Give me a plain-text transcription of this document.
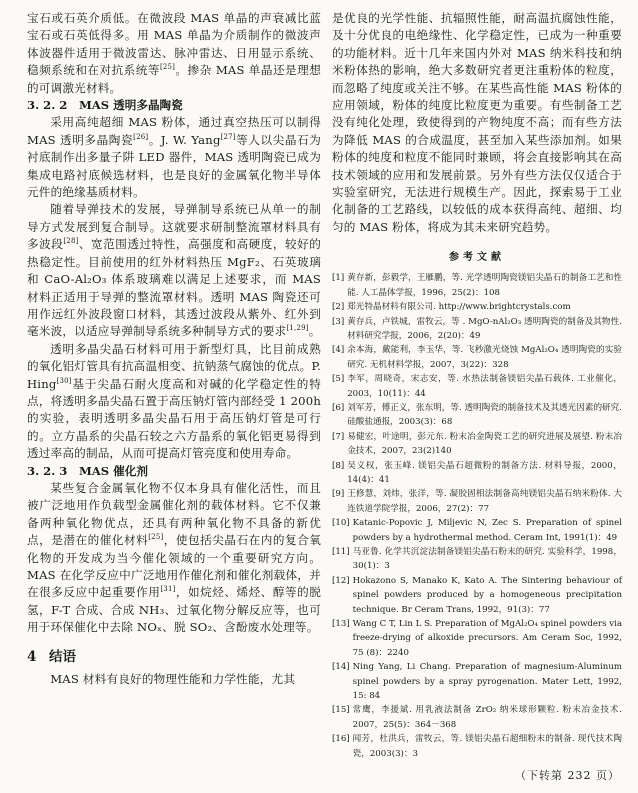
宝石或石英介质低。在微波段 MAS 单晶的声衰减比蓝宝石或石英低得多。用 MAS 单晶为介质制作的微波声体波器件适用于微波雷达、脉冲雷达、日用显示系统、稳频系统和在对抗系统等[25]。掺杂 MAS 单晶还是理想的可调激光材料。

3. 2. 2　MAS 透明多晶陶瓷

采用高纯超细 MAS 粉体，通过真空热压可以制得 MAS 透明多晶陶瓷[26]。J. W. Yang[27]等人以尖晶石为衬底制作出多量子阱 LED 器件，MAS 透明陶瓷已成为集成电路衬底候选材料，也是良好的金属氧化物半导体元件的绝缘基质材料。

随着导弹技术的发展，导弹制导系统已从单一的制导方式发展到复合制导。这就要求研制整流罩材料具有多波段[28]、宽范围透过特性，高强度和高硬度，较好的热稳定性。目前使用的红外材料热压 MgF₂、石英玻璃和 CaO-Al₂O₃ 体系玻璃难以满足上述要求，而 MAS 材料正适用于导弹的整流罩材料。透明 MAS 陶瓷还可用作远红外波段窗口材料，其透过波段从紫外、红外到毫米波，以适应导弹制导系统多种制导方式的要求[1,29]。

透明多晶尖晶石材料可用于新型灯具，比目前成熟的氧化铝灯管具有抗高温相变、抗钠蒸气腐蚀的优点。P. Hing[30]基于尖晶石耐火度高和对碱的化学稳定性的特点，将透明多晶尖晶石置于高压钠灯管内部经受 1 200h 的实验，表明透明多晶尖晶石用于高压钠灯管是可行的。立方晶系的尖晶石较之六方晶系的氧化铝更易得到透过率高的制品，从而可提高灯管亮度和使用寿命。

3. 2. 3　MAS 催化剂

某些复合金属氧化物不仅本身具有催化活性，而且被广泛地用作负载型金属催化剂的载体材料。它不仅兼备两种氧化物优点，还具有两种氧化物不具备的新优点，是潜在的催化材料[25]，使包括尖晶石在内的复合氧化物的开发成为当今催化领域的一个重要研究方向。MAS 在化学反应中广泛地用作催化剂和催化剂载体，并在很多反应中起重要作用[31]，如烷烃、烯烃、醇等的脱氢，F-T 合成、合成 NH₃、过氧化物分解反应等，也可用于环保催化中去除 NOₓ、脱 SO₂、含酚废水处理等。

4 结语

MAS 材料有良好的物理性能和力学性能，尤其

是优良的光学性能、抗辐照性能，耐高温抗腐蚀性能，及十分优良的电绝缘性、化学稳定性，已成为一种重要的功能材料。近十几年来国内外对 MAS 纳米科技和纳米粉体热的影响，绝大多数研究者更注重粉体的粒度，而忽略了纯度或关注不够。在某些高性能 MAS 粉体的应用领域，粉体的纯度比粒度更为重要。有些制备工艺没有纯化处理，致使得到的产物纯度不高；而有些方法为降低 MAS 的合成温度，甚至加入某些添加剂。如果粉体的纯度和粒度不能同时兼顾，将会直接影响其在高技术领域的应用和发展前景。另外有些方法仅仅适合于实验室研究，无法进行规模生产。因此，探索易于工业化制备的工艺路线，以较低的成本获得高纯、超细、均匀的 MAS 粉体，将成为其未来研究趋势。

参考文献

[1] 黄存新，彭毅学，王雁鹏，等. 光学透明陶瓷镁铝尖晶石的制备工艺和性能. 人工晶体学报，1996，25(2)：108
[2] 郑光特晶材料有限公司. http://www.brightcrystals.com
[3] 黄存兵，卢铁城，雷牧云，等 . MgO-nAl₂O₃ 透明陶瓷的制备及其物性. 材料研究学报，2006，2(20)：49
[4] 余本海，戴能利，李玉华，等. 飞秒激光烧蚀 MgAl₂O₄ 透明陶瓷的实验研究. 无机材料学报，2007，3(22)：328
[5] 李军，周晓奇，宋志安，等. 水热法制备镁铝尖晶石载体. 工业催化，2003，10(11)：44
[6] 刘军芳，傅正义，张东明，等. 透明陶瓷的制备技术及其透光因素的研究. 硅酸盐通报，2003(3)：68
[7] 易健宏，叶途明，彭元东. 粉末冶金陶瓷工艺的研究进展及展望. 粉末冶金技术，2007，23(2)140
[8] 吴义权，张玉峰. 镁铝尖晶石超微粉的制备方法. 材料导报，2000，14(4)：41
[9] 王修慧，刘炜，张洋，等. 凝胶固相法制备高纯镁铝尖晶石纳米粉体. 大连铁道学院学报，2006，27(2)：77
[10] Katanic-Popovic J, Miljevic N, Zec S. Preparation of spinel powders by a hydrothermal method. Ceram Int, 1991(1)：49
[11] 马亚鲁. 化学共沉淀法制备镁铝尖晶石粉末的研究. 实验科学，1998，30(1)：3
[12] Hokazono S, Manako K, Kato A. The Sintering behaviour of spinel powders produced by a homogeneous precipitation technique. Br Ceram Trans, 1992，91(3)：77
[13] Wang C T, Lin L S. Preparation of MgAl₂O₄ spinel powders via freeze-drying of alkoxide precursors. Am Ceram Soc, 1992, 75 (8)：2240
[14] Ning Yang, Li Chang. Preparation of magnesium-Aluminum spinel powders by a spray pyrogenation. Mater Lett, 1992, 15: 84
[15] 常鹰，李援斌. 用乳液法制备 ZrO₂ 纳米球形颗粒. 粉末冶金技术. 2007，25(5)：364－368
[16] 闻芳，杜洪兵，雷牧云，等. 镁铝尖晶石超细粉末的制备. 现代技术陶瓷，2003(3)：3
（下转第 232 页）
